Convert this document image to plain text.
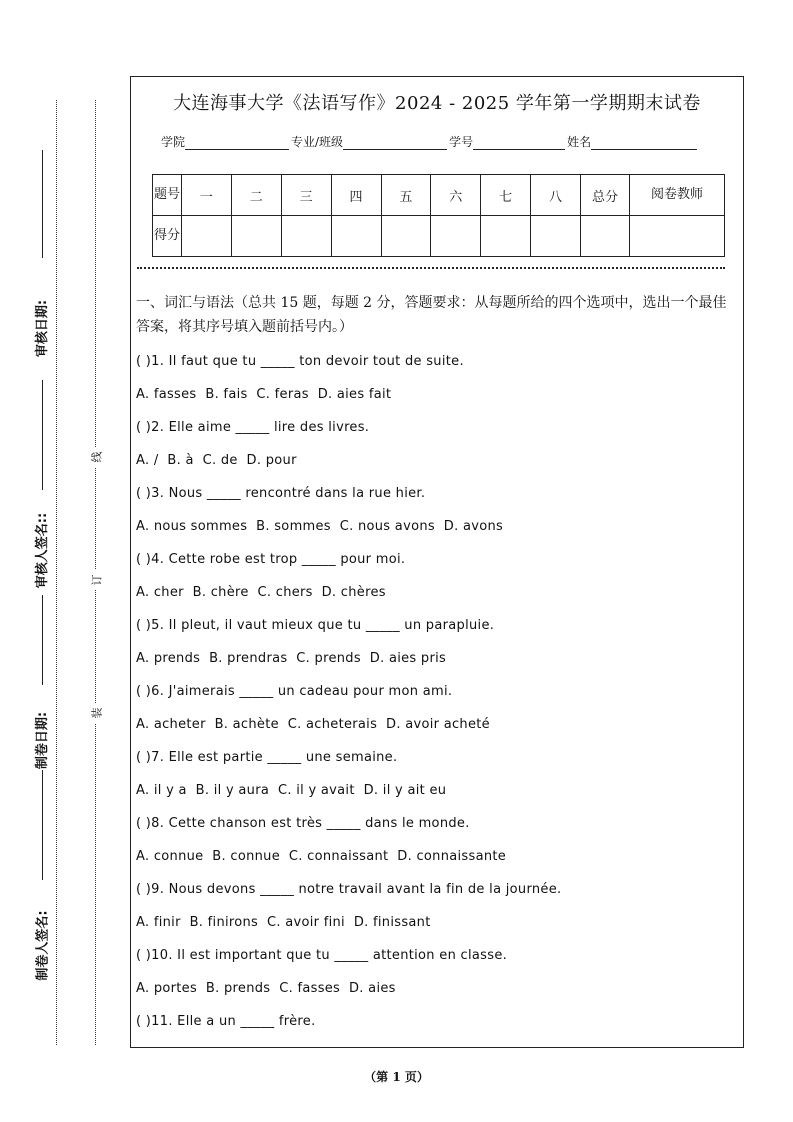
审核日期:
审核人签名::
制卷日期:
制卷人签名:
线
订
装
大连海事大学《法语写作》2024 - 2025 学年第一学期期末试卷
学院	专业/班级	学号	姓名
题号	一	二	三	四	五	六	七	八	总分	阅卷教师
得分										
一、词汇与语法（总共 15 题，每题 2 分，答题要求：从每题所给的四个选项中，选出一个最佳答案，将其序号填入题前括号内。）
( )1. Il faut que tu _____ ton devoir tout de suite.
A. fasses  B. fais  C. feras  D. aies fait
( )2. Elle aime _____ lire des livres.
A. /  B. à  C. de  D. pour
( )3. Nous _____ rencontré dans la rue hier.
A. nous sommes  B. sommes  C. nous avons  D. avons
( )4. Cette robe est trop _____ pour moi.
A. cher  B. chère  C. chers  D. chères
( )5. Il pleut, il vaut mieux que tu _____ un parapluie.
A. prends  B. prendras  C. prends  D. aies pris
( )6. J'aimerais _____ un cadeau pour mon ami.
A. acheter  B. achète  C. acheterais  D. avoir acheté
( )7. Elle est partie _____ une semaine.
A. il y a  B. il y aura  C. il y avait  D. il y ait eu
( )8. Cette chanson est très _____ dans le monde.
A. connue  B. connue  C. connaissant  D. connaissante
( )9. Nous devons _____ notre travail avant la fin de la journée.
A. finir  B. finirons  C. avoir fini  D. finissant
( )10. Il est important que tu _____ attention en classe.
A. portes  B. prends  C. fasses  D. aies
( )11. Elle a un _____ frère.
（第 1 页）
